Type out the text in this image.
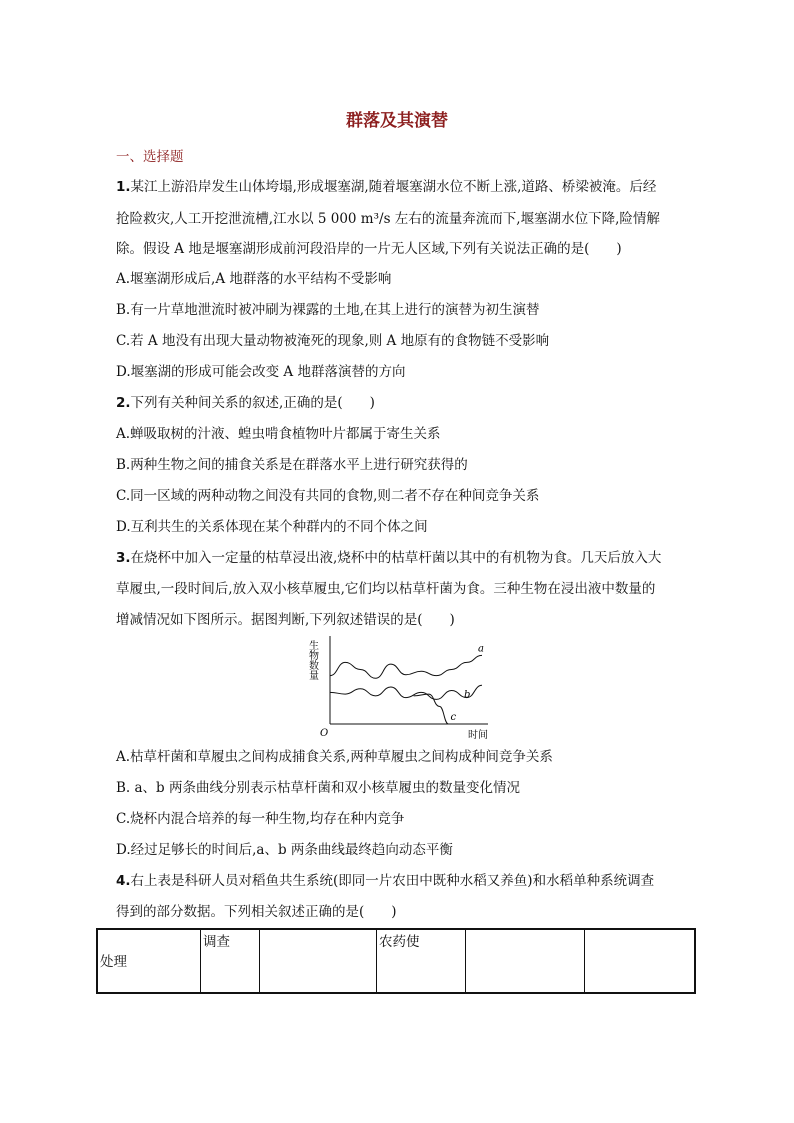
群落及其演替
一、选择题
1.某江上游沿岸发生山体垮塌,形成堰塞湖,随着堰塞湖水位不断上涨,道路、桥梁被淹。后经
抢险救灾,人工开挖泄流槽,江水以 5 000 m³/s 左右的流量奔流而下,堰塞湖水位下降,险情解
除。假设 A 地是堰塞湖形成前河段沿岸的一片无人区域,下列有关说法正确的是(　　)
A.堰塞湖形成后,A 地群落的水平结构不受影响
B.有一片草地泄流时被冲刷为裸露的土地,在其上进行的演替为初生演替
C.若 A 地没有出现大量动物被淹死的现象,则 A 地原有的食物链不受影响
D.堰塞湖的形成可能会改变 A 地群落演替的方向
2.下列有关种间关系的叙述,正确的是(　　)
A.蝉吸取树的汁液、蝗虫啃食植物叶片都属于寄生关系
B.两种生物之间的捕食关系是在群落水平上进行研究获得的
C.同一区域的两种动物之间没有共同的食物,则二者不存在种间竞争关系
D.互利共生的关系体现在某个种群内的不同个体之间
3.在烧杯中加入一定量的枯草浸出液,烧杯中的枯草杆菌以其中的有机物为食。几天后放入大
草履虫,一段时间后,放入双小核草履虫,它们均以枯草杆菌为食。三种生物在浸出液中数量的
增减情况如下图所示。据图判断,下列叙述错误的是(　　)
生物数量
时间
O
a
b
c
A.枯草杆菌和草履虫之间构成捕食关系,两种草履虫之间构成种间竞争关系
B. a、b 两条曲线分别表示枯草杆菌和双小核草履虫的数量变化情况
C.烧杯内混合培养的每一种生物,均存在种内竞争
D.经过足够长的时间后,a、b 两条曲线最终趋向动态平衡
4.右上表是科研人员对稻鱼共生系统(即同一片农田中既种水稻又养鱼)和水稻单种系统调查
得到的部分数据。下列相关叙述正确的是(　　)
处理	调查		农药使		
